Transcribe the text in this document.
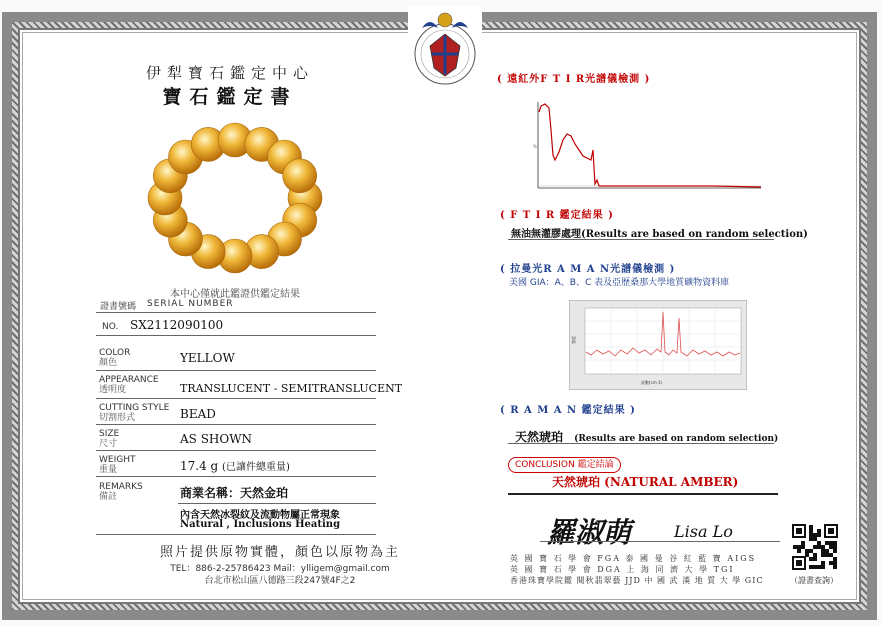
伊犁寶石鑑定中心
寶石鑑定書
本中心僅就此鑑證供鑑定結果
證書號碼 SERIAL NUMBER
NO. SX2112090100
COLOR
顏色	YELLOW
APPEARANCE
透明度	TRANSLUCENT - SEMITRANSLUCENT
CUTTING STYLE
切割形式	BEAD
SIZE
尺寸	AS SHOWN
WEIGHT
重量	17.4 g (已讓件總重量)
REMARKS
備註	商業名稱：天然金珀
內含天然冰裂紋及流動物屬正常現象
Natural , Inclusions Heating
照片提供原物實體，顏色以原物為主
TEL：886-2-25786423 Mail：ylligem@gmail.com
台北市松山區八德路三段247號4F之2
( 遠紅外F T I R光譜儀檢測 )
%
( F T I R 鑑定結果 )
無油無灌膠處理(Results are based on random selection)
( 拉曼光R A M A N光譜儀檢測 )
美國 GIA：A、B、C 表及亞歷桑那大學地質礦物資料庫
波數(cm-1)
強度
( R A M A N 鑑定結果 )
天然琥珀 (Results are based on random selection)
CONCLUSION 鑑定結論
天然琥珀 (NATURAL AMBER)
羅淑萌	Lisa Lo
英 國 寶 石 學 會 FGA 泰 國 曼 谷 紅 藍 寶 AIGS
英 國 寶 石 學 會 DGA 上 海 同 濟 大 學 TGI
香港珠寶學院鑑 閱秋翡翠藝 JJD 中 國 武 漢 地 質 大 學 GIC	（證書查詢）
